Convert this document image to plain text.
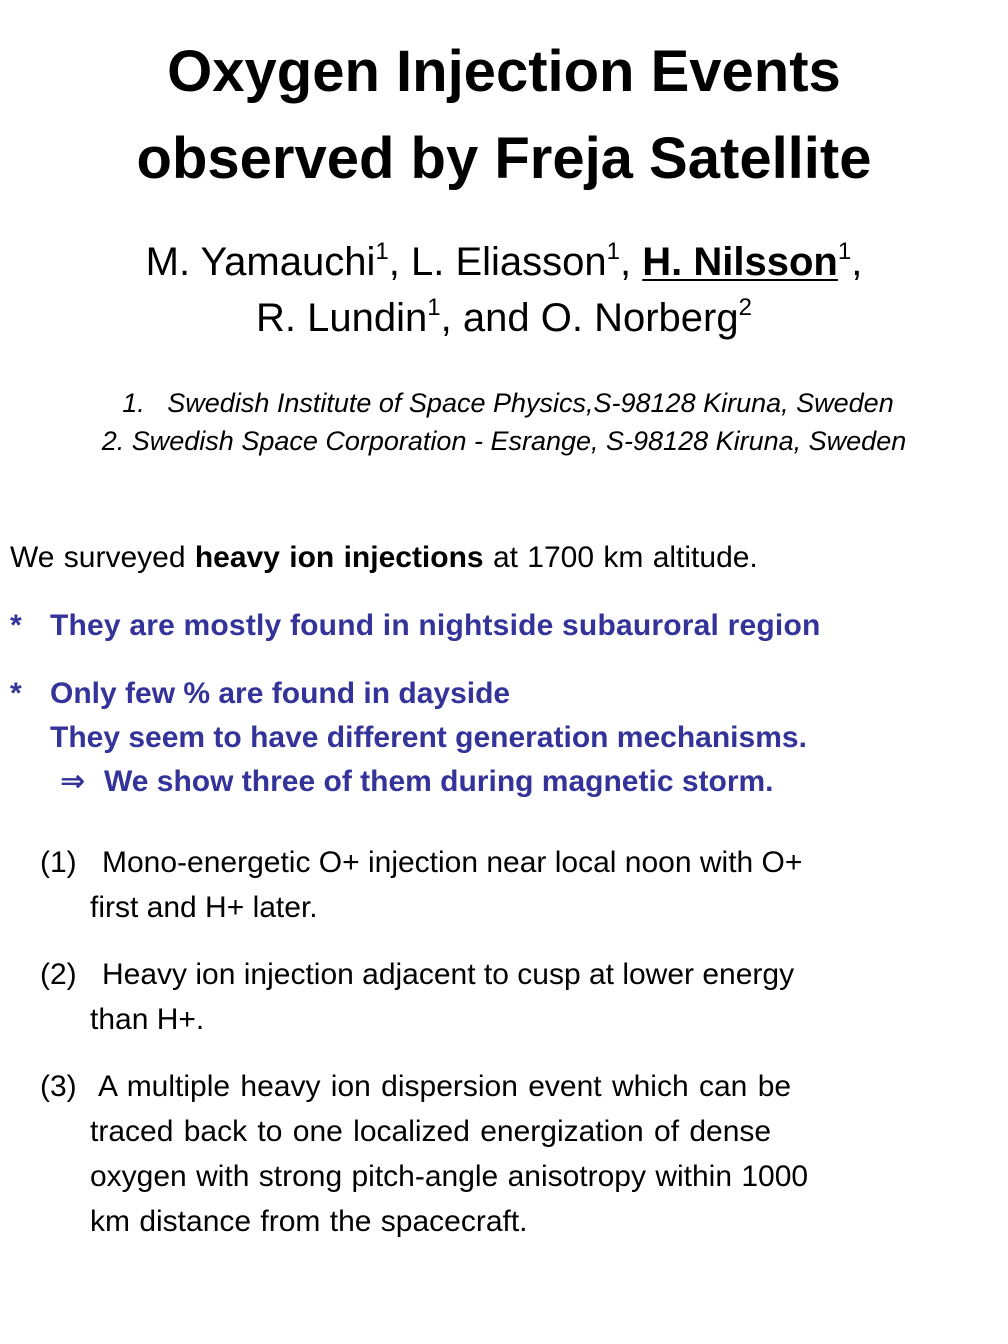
Oxygen Injection Events
observed by Freja Satellite
M. Yamauchi$^1$, L. Eliasson$^1$, H. Nilsson$^1$,
R. Lundin$^1$, and O. Norberg$^2$
1.   Swedish Institute of Space Physics,S-98128 Kiruna, Sweden
2. Swedish Space Corporation - Esrange, S-98128 Kiruna, Sweden
We surveyed heavy ion injections at 1700 km altitude.
* They are mostly found in nightside subauroral region
* Only few % are found in dayside
They seem to have different generation mechanisms.
⇒ We show three of them during magnetic storm.
(1) Mono-energetic O+ injection near local noon with O+
first and H+ later.
(2) Heavy ion injection adjacent to cusp at lower energy
than H+.
(3) A multiple heavy ion dispersion event which can be
traced back to one localized energization of dense
oxygen with strong pitch-angle anisotropy within 1000
km distance from the spacecraft.
